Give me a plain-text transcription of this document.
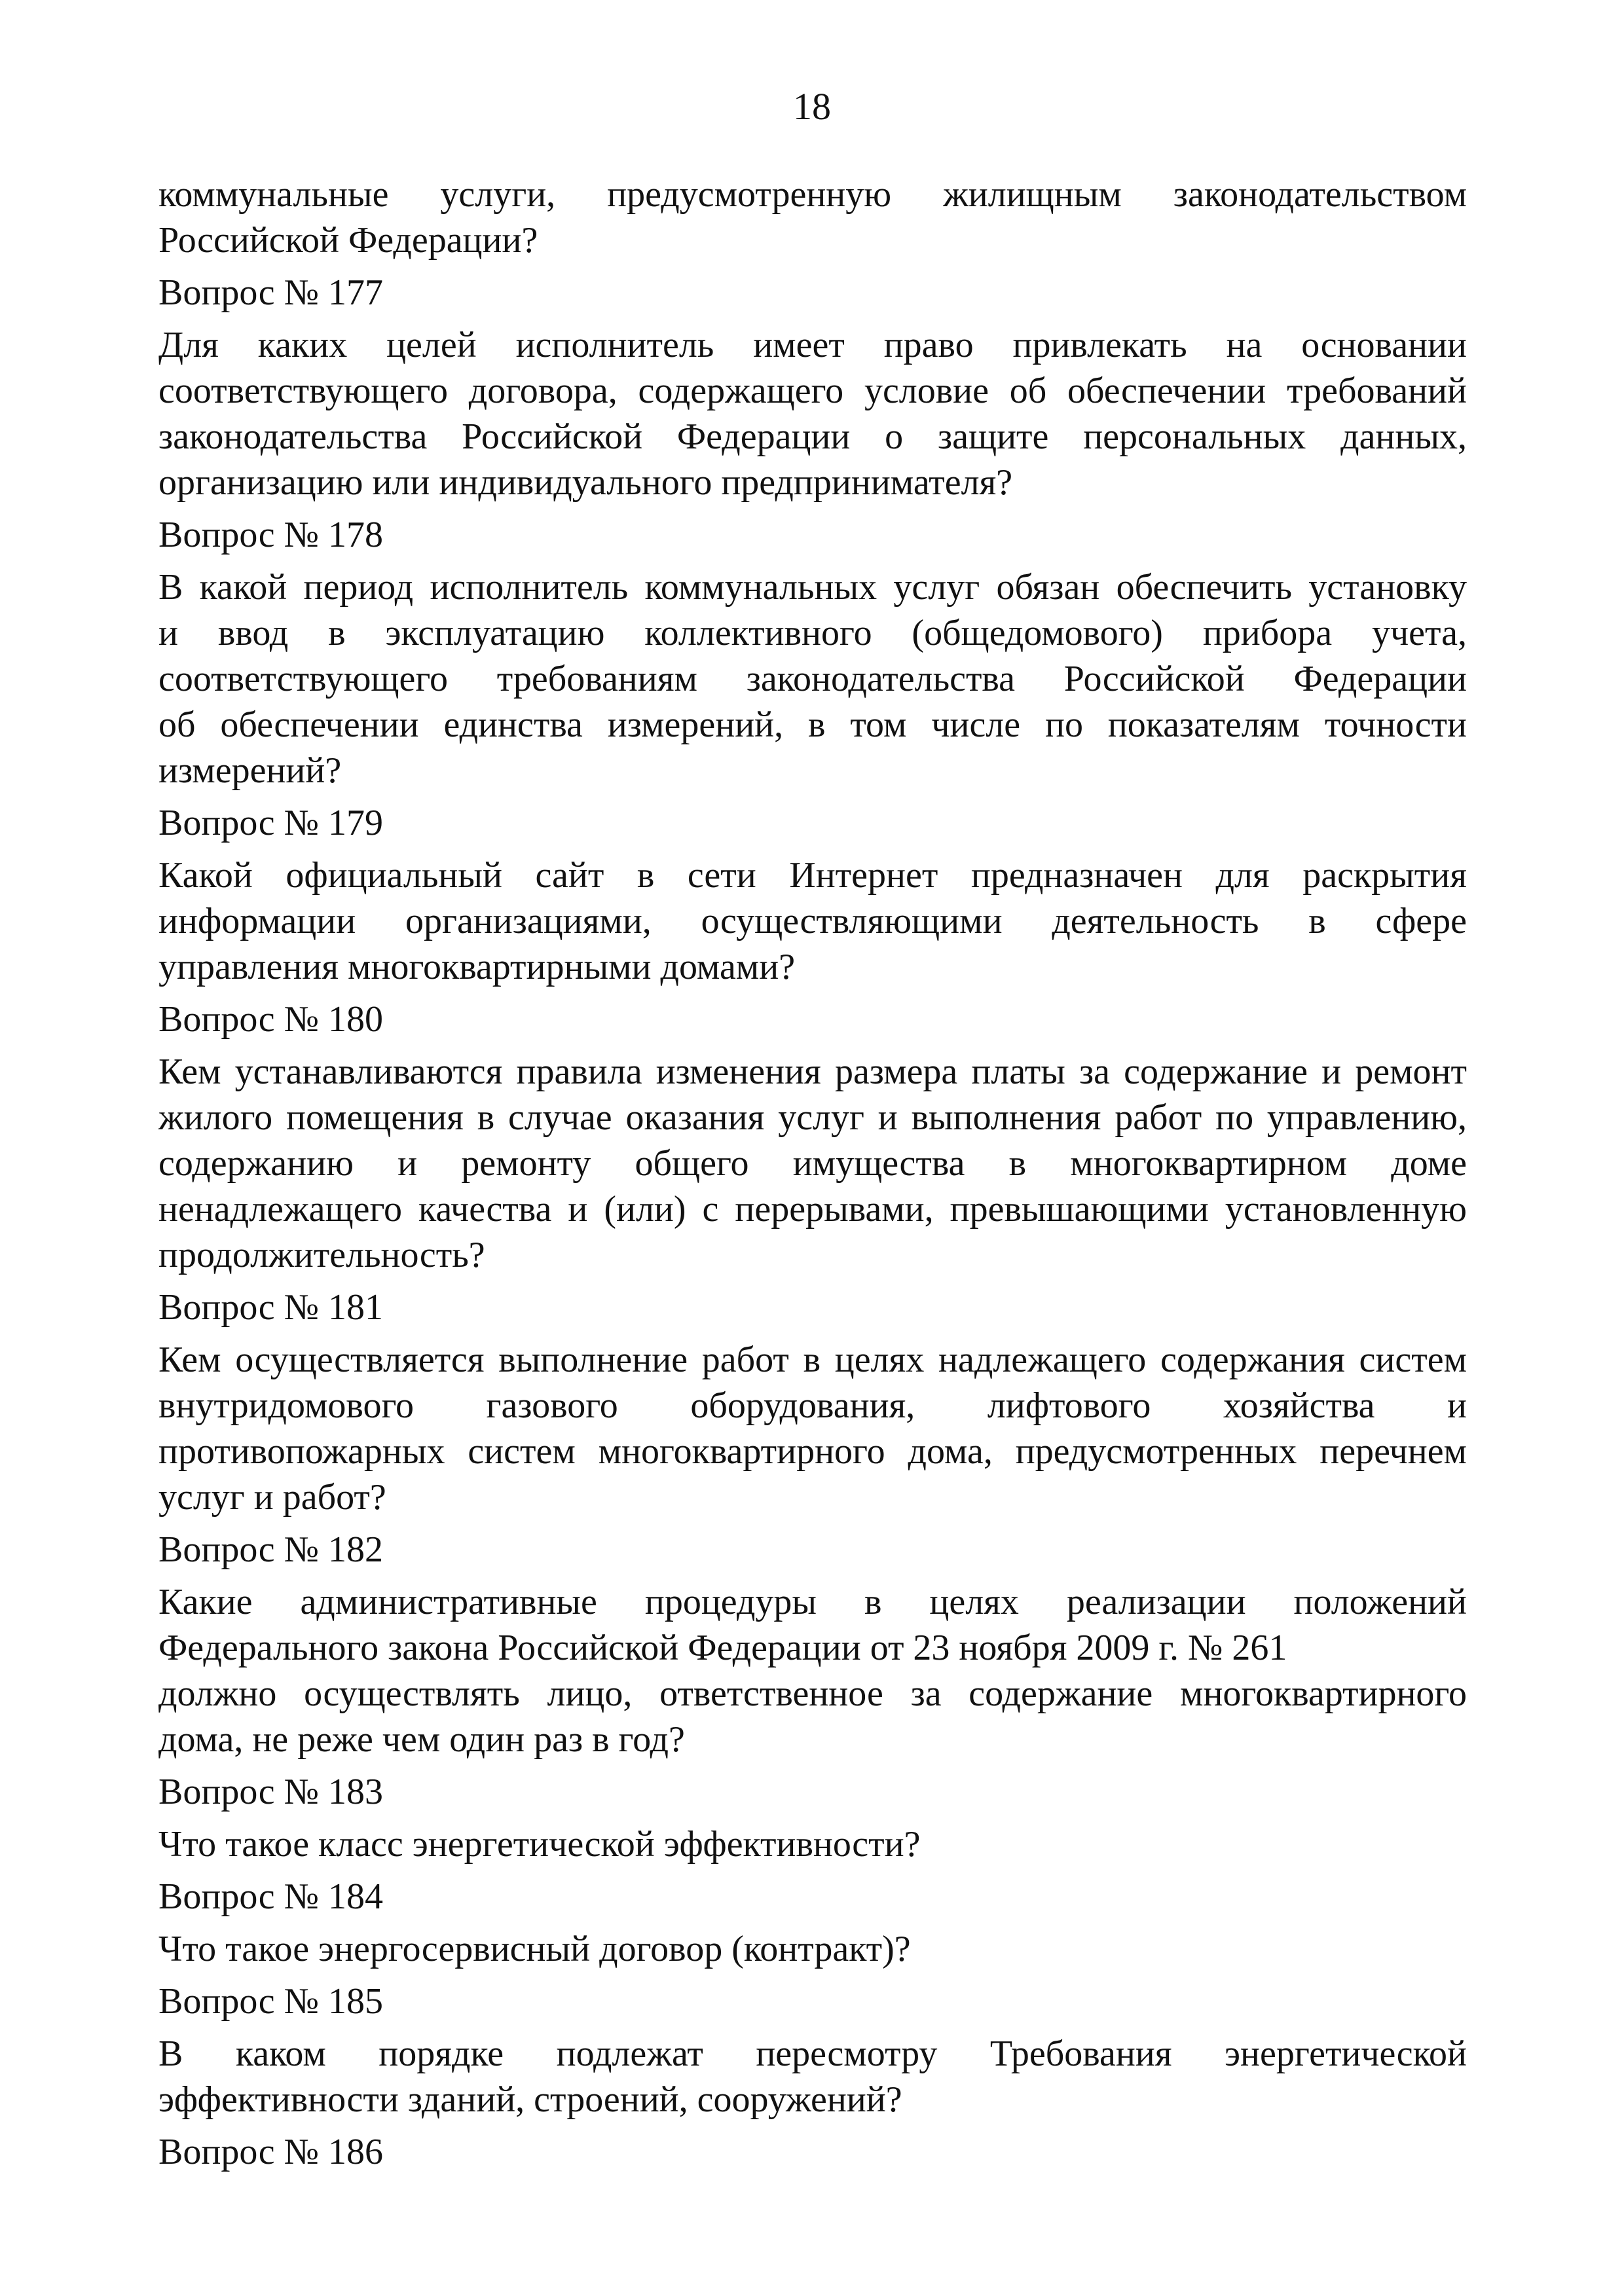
18
коммунальные услуги, предусмотренную жилищным законодательством
Российской Федерации?
Вопрос № 177
Для каких целей исполнитель имеет право привлекать на основании
соответствующего договора, содержащего условие об обеспечении требований
законодательства Российской Федерации о защите персональных данных,
организацию или индивидуального предпринимателя?
Вопрос № 178
В какой период исполнитель коммунальных услуг обязан обеспечить установку
и ввод в эксплуатацию коллективного (общедомового) прибора учета,
соответствующего требованиям законодательства Российской Федерации
об обеспечении единства измерений, в том числе по показателям точности
измерений?
Вопрос № 179
Какой официальный сайт в сети Интернет предназначен для раскрытия
информации организациями, осуществляющими деятельность в сфере
управления многоквартирными домами?
Вопрос № 180
Кем устанавливаются правила изменения размера платы за содержание и ремонт
жилого помещения в случае оказания услуг и выполнения работ по управлению,
содержанию и ремонту общего имущества в многоквартирном доме
ненадлежащего качества и (или) с перерывами, превышающими установленную
продолжительность?
Вопрос № 181
Кем осуществляется выполнение работ в целях надлежащего содержания систем
внутридомового газового оборудования, лифтового хозяйства и
противопожарных систем многоквартирного дома, предусмотренных перечнем
услуг и работ?
Вопрос № 182
Какие административные процедуры в целях реализации положений
Федерального закона Российской Федерации от 23 ноября 2009 г. № 261
должно осуществлять лицо, ответственное за содержание многоквартирного
дома, не реже чем один раз в год?
Вопрос № 183
Что такое класс энергетической эффективности?
Вопрос № 184
Что такое энергосервисный договор (контракт)?
Вопрос № 185
В каком порядке подлежат пересмотру Требования энергетической
эффективности зданий, строений, сооружений?
Вопрос № 186
